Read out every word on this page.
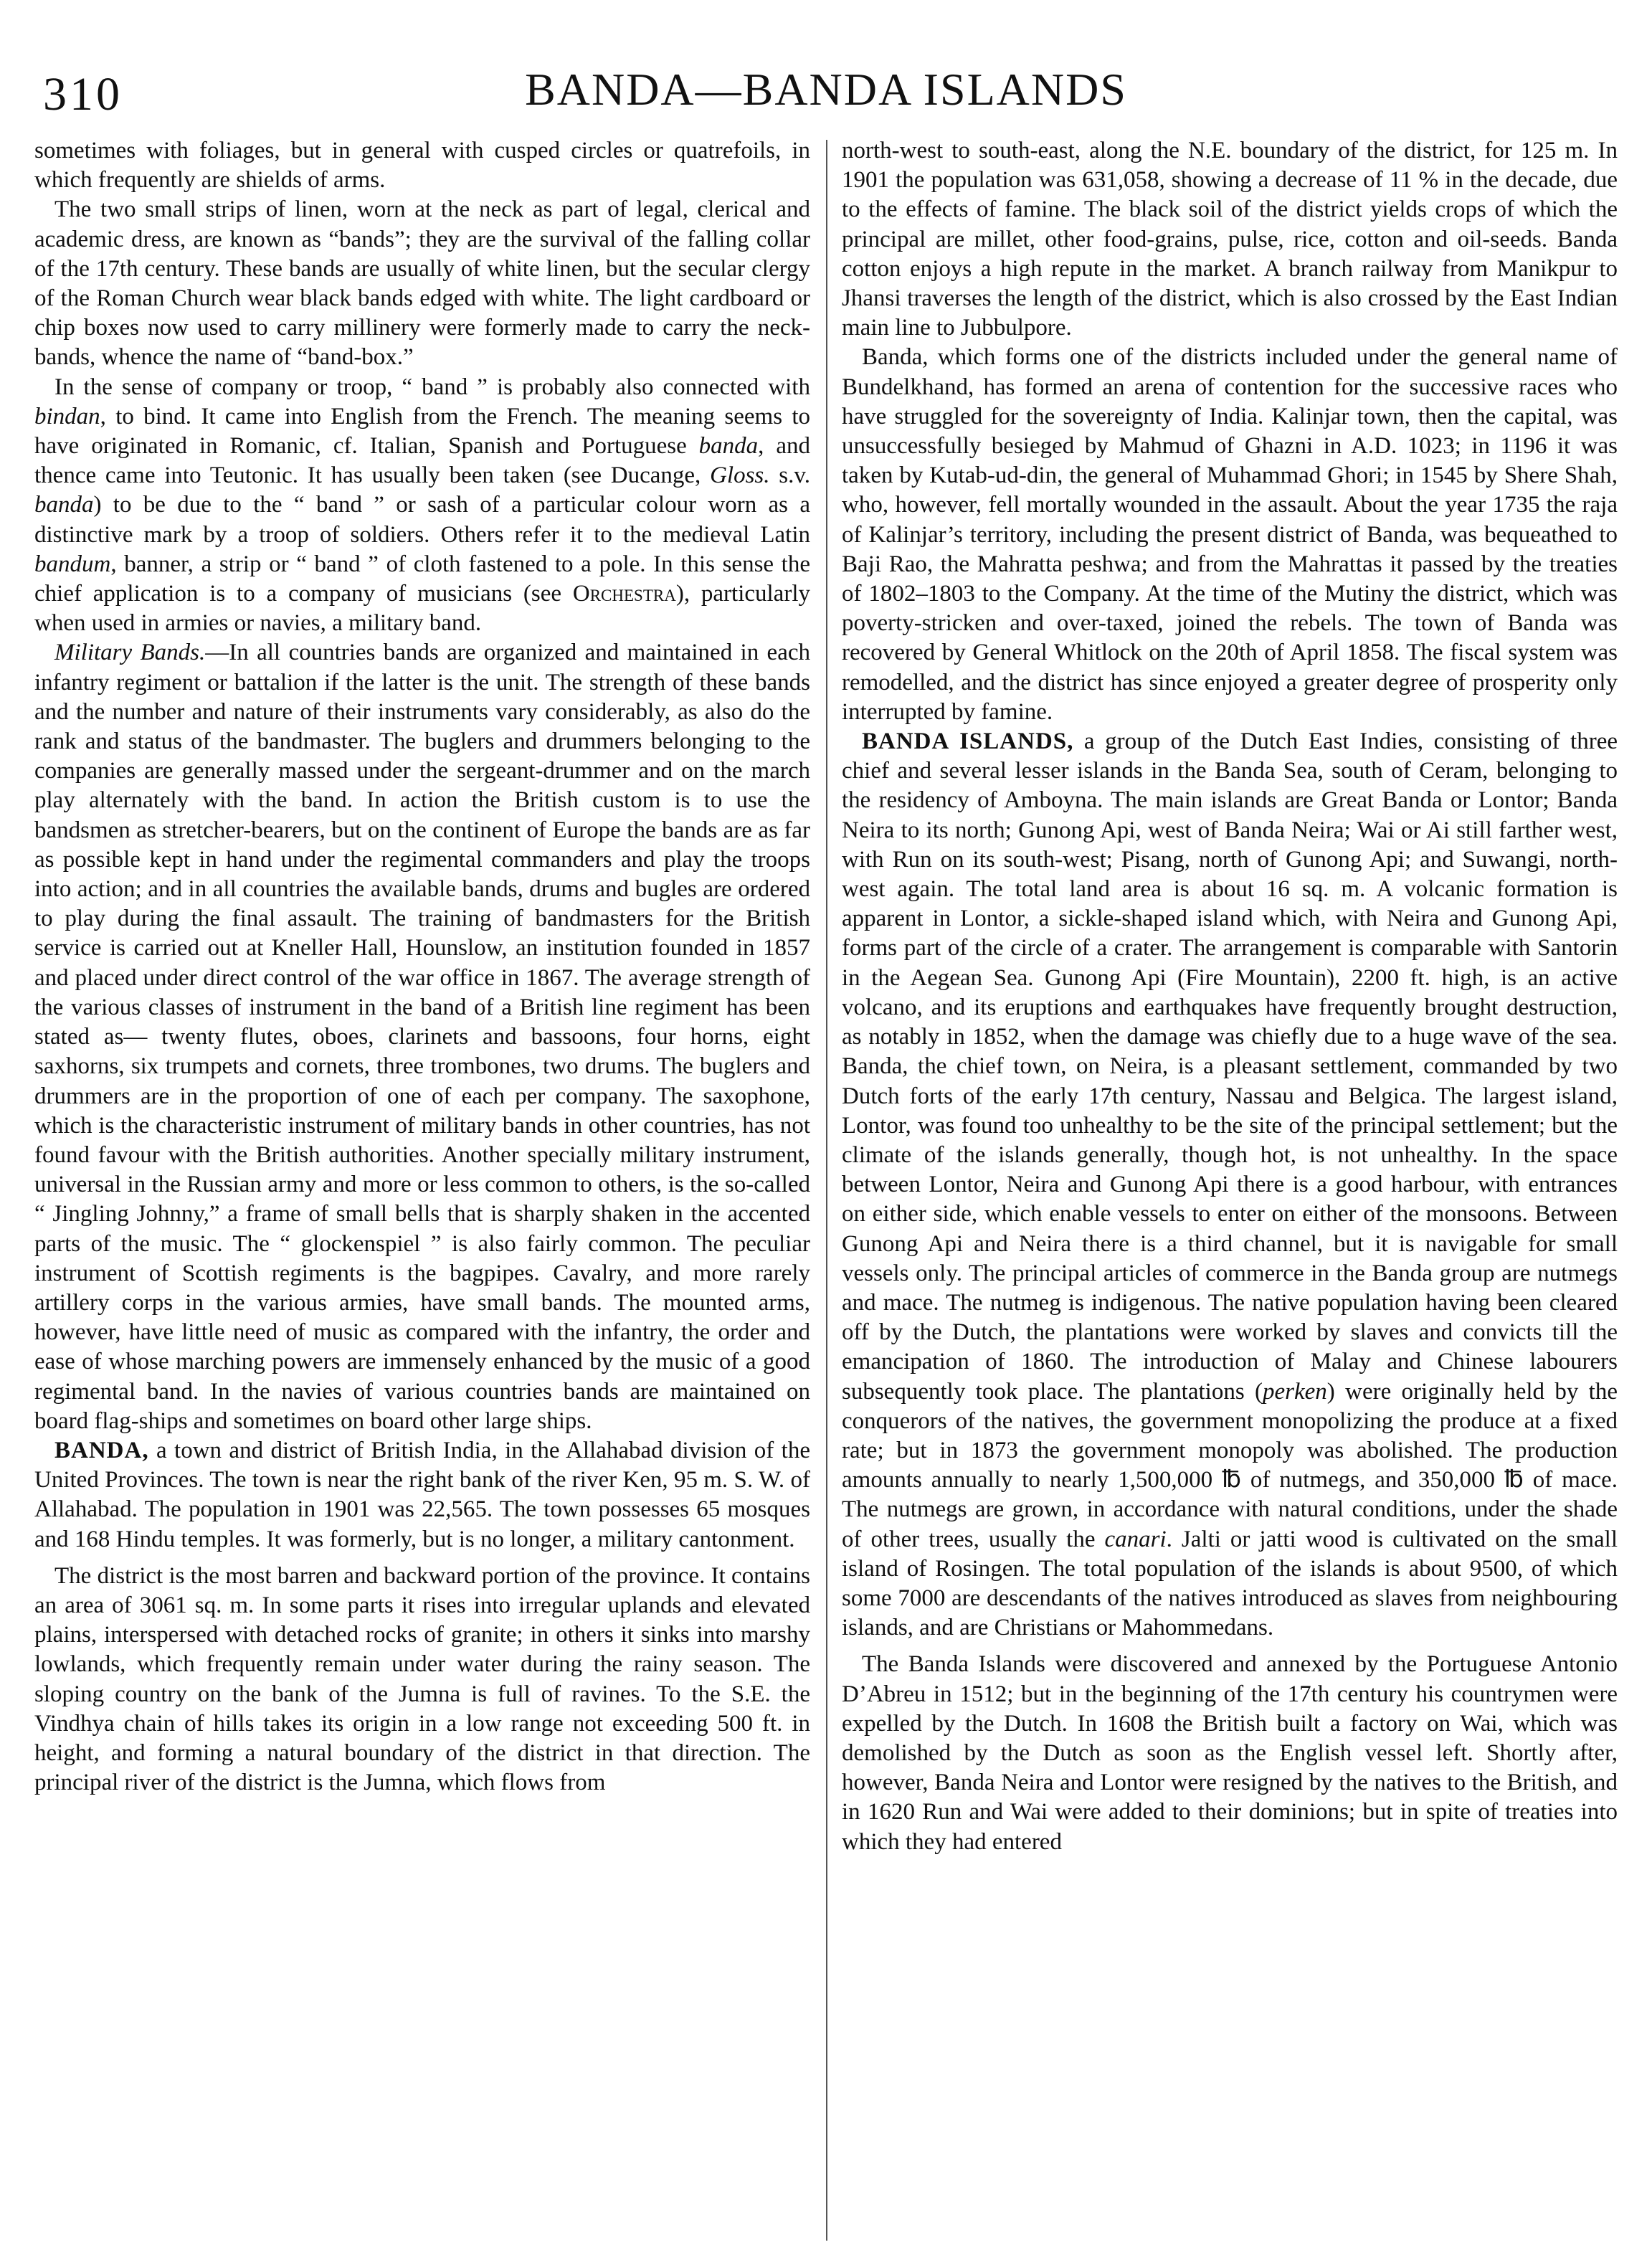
310	BANDA—BANDA ISLANDS

sometimes with foliages, but in general with cusped circles or quatrefoils, in which frequently are shields of arms.

The two small strips of linen, worn at the neck as part of legal, clerical and academic dress, are known as “bands”; they are the survival of the falling collar of the 17th century. These bands are usually of white linen, but the secular clergy of the Roman Church wear black bands edged with white. The light cardboard or chip boxes now used to carry millinery were formerly made to carry the neck-bands, whence the name of “band-box.”

In the sense of company or troop, “ band ” is probably also connected with bindan, to bind. It came into English from the French. The meaning seems to have originated in Romanic, cf. Italian, Spanish and Portuguese banda, and thence came into Teutonic. It has usually been taken (see Ducange, Gloss. s.v. banda) to be due to the “ band ” or sash of a particular colour worn as a distinctive mark by a troop of soldiers. Others refer it to the medieval Latin bandum, banner, a strip or “ band ” of cloth fastened to a pole. In this sense the chief application is to a company of musicians (see Orchestra), particularly when used in armies or navies, a military band.

Military Bands.—In all countries bands are organized and maintained in each infantry regiment or battalion if the latter is the unit. The strength of these bands and the number and nature of their instruments vary considerably, as also do the rank and status of the bandmaster. The buglers and drummers belonging to the companies are generally massed under the sergeant-drummer and on the march play alternately with the band. In action the British custom is to use the bandsmen as stretcher-bearers, but on the continent of Europe the bands are as far as possible kept in hand under the regimental commanders and play the troops into action; and in all countries the available bands, drums and bugles are ordered to play during the final assault. The training of bandmasters for the British service is carried out at Kneller Hall, Hounslow, an institution founded in 1857 and placed under direct control of the war office in 1867. The average strength of the various classes of instrument in the band of a British line regiment has been stated as— twenty flutes, oboes, clarinets and bassoons, four horns, eight saxhorns, six trumpets and cornets, three trombones, two drums. The buglers and drummers are in the proportion of one of each per company. The saxophone, which is the characteristic instrument of military bands in other countries, has not found favour with the British authorities. Another specially military instrument, universal in the Russian army and more or less common to others, is the so-called “ Jingling Johnny,” a frame of small bells that is sharply shaken in the accented parts of the music. The “ glockenspiel ” is also fairly common. The peculiar instrument of Scottish regiments is the bagpipes. Cavalry, and more rarely artillery corps in the various armies, have small bands. The mounted arms, however, have little need of music as compared with the infantry, the order and ease of whose marching powers are immensely enhanced by the music of a good regimental band. In the navies of various countries bands are maintained on board flag-ships and sometimes on board other large ships.

BANDA, a town and district of British India, in the Allahabad division of the United Provinces. The town is near the right bank of the river Ken, 95 m. S. W. of Allahabad. The population in 1901 was 22,565. The town possesses 65 mosques and 168 Hindu temples. It was formerly, but is no longer, a military cantonment.

The district is the most barren and backward portion of the province. It contains an area of 3061 sq. m. In some parts it rises into irregular uplands and elevated plains, interspersed with detached rocks of granite; in others it sinks into marshy lowlands, which frequently remain under water during the rainy season. The sloping country on the bank of the Jumna is full of ravines. To the S.E. the Vindhya chain of hills takes its origin in a low range not exceeding 500 ft. in height, and forming a natural boundary of the district in that direction. The principal river of the district is the Jumna, which flows from

north-west to south-east, along the N.E. boundary of the district, for 125 m. In 1901 the population was 631,058, showing a decrease of 11 % in the decade, due to the effects of famine. The black soil of the district yields crops of which the principal are millet, other food-grains, pulse, rice, cotton and oil-seeds. Banda cotton enjoys a high repute in the market. A branch railway from Manikpur to Jhansi traverses the length of the district, which is also crossed by the East Indian main line to Jubbulpore.

Banda, which forms one of the districts included under the general name of Bundelkhand, has formed an arena of contention for the successive races who have struggled for the sovereignty of India. Kalinjar town, then the capital, was unsuccessfully besieged by Mahmud of Ghazni in A.D. 1023; in 1196 it was taken by Kutab-ud-din, the general of Muhammad Ghori; in 1545 by Shere Shah, who, however, fell mortally wounded in the assault. About the year 1735 the raja of Kalinjar’s territory, including the present district of Banda, was bequeathed to Baji Rao, the Mahratta peshwa; and from the Mahrattas it passed by the treaties of 1802–1803 to the Company. At the time of the Mutiny the district, which was poverty-stricken and over-taxed, joined the rebels. The town of Banda was recovered by General Whitlock on the 20th of April 1858. The fiscal system was remodelled, and the district has since enjoyed a greater degree of prosperity only interrupted by famine.

BANDA ISLANDS, a group of the Dutch East Indies, consisting of three chief and several lesser islands in the Banda Sea, south of Ceram, belonging to the residency of Amboyna. The main islands are Great Banda or Lontor; Banda Neira to its north; Gunong Api, west of Banda Neira; Wai or Ai still farther west, with Run on its south-west; Pisang, north of Gunong Api; and Suwangi, north-west again. The total land area is about 16 sq. m. A volcanic formation is apparent in Lontor, a sickle-shaped island which, with Neira and Gunong Api, forms part of the circle of a crater. The arrangement is comparable with Santorin in the Aegean Sea. Gunong Api (Fire Mountain), 2200 ft. high, is an active volcano, and its eruptions and earthquakes have frequently brought destruction, as notably in 1852, when the damage was chiefly due to a huge wave of the sea. Banda, the chief town, on Neira, is a pleasant settlement, commanded by two Dutch forts of the early 17th century, Nassau and Belgica. The largest island, Lontor, was found too unhealthy to be the site of the principal settlement; but the climate of the islands generally, though hot, is not unhealthy. In the space between Lontor, Neira and Gunong Api there is a good harbour, with entrances on either side, which enable vessels to enter on either of the monsoons. Between Gunong Api and Neira there is a third channel, but it is navigable for small vessels only. The principal articles of commerce in the Banda group are nutmegs and mace. The nutmeg is indigenous. The native population having been cleared off by the Dutch, the plantations were worked by slaves and convicts till the emancipation of 1860. The introduction of Malay and Chinese labourers subsequently took place. The plantations (perken) were originally held by the conquerors of the natives, the government monopolizing the produce at a fixed rate; but in 1873 the government monopoly was abolished. The production amounts annually to nearly 1,500,000 ℔ of nutmegs, and 350,000 ℔ of mace. The nutmegs are grown, in accordance with natural conditions, under the shade of other trees, usually the canari. Jalti or jatti wood is cultivated on the small island of Rosingen. The total population of the islands is about 9500, of which some 7000 are descendants of the natives introduced as slaves from neighbouring islands, and are Christians or Mahommedans.

The Banda Islands were discovered and annexed by the Portuguese Antonio D’Abreu in 1512; but in the beginning of the 17th century his countrymen were expelled by the Dutch. In 1608 the British built a factory on Wai, which was demolished by the Dutch as soon as the English vessel left. Shortly after, however, Banda Neira and Lontor were resigned by the natives to the British, and in 1620 Run and Wai were added to their dominions; but in spite of treaties into which they had entered
